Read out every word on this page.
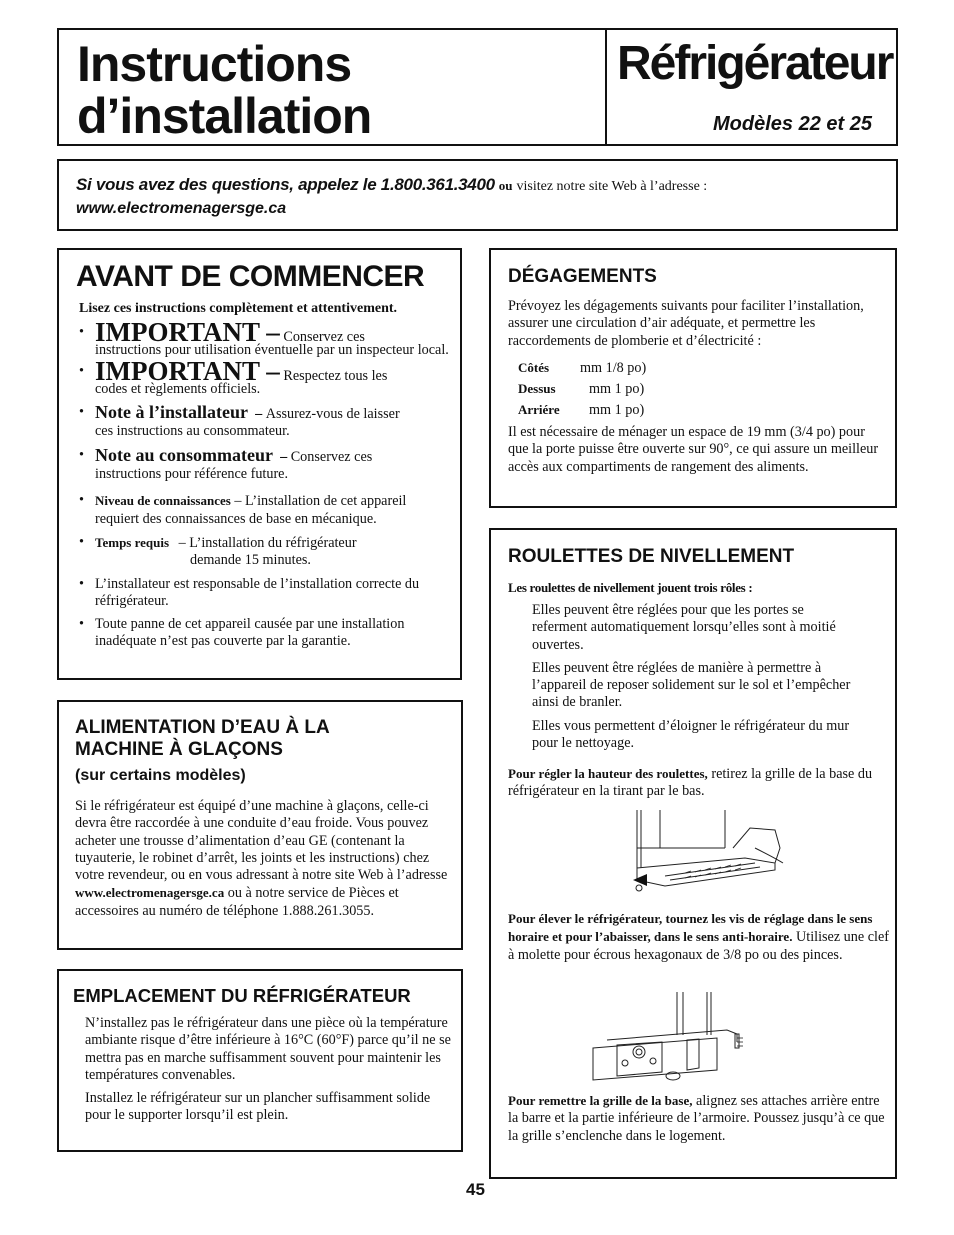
Instructions
d’installation
Réfrigérateur
Modèles 22 et 25
Si vous avez des questions, appelez le 1.800.361.3400 ou visitez notre site Web à l’adresse :
www.electromenagersge.ca
AVANT DE COMMENCER
Lisez ces instructions complètement et attentivement.
• IMPORTANT – Conservez ces
instructions pour utilisation éventuelle par un inspecteur local.
• IMPORTANT – Respectez tous les
codes et règlements officiels.
• Note à l’installateur  – Assurez-vous de laisser
ces instructions au consommateur.
• Note au consommateur  – Conservez ces
instructions pour référence future.
• Niveau de connaissances – L’installation de cet appareil
requiert des connaissances de base en mécanique.
• Temps requis – L’installation du réfrigérateur
demande 15 minutes.
• L’installateur est responsable de l’installation correcte du réfrigérateur.
• Toute panne de cet appareil causée par une installation inadéquate n’est pas couverte par la garantie.
ALIMENTATION D’EAU À LA MACHINE À GLAÇONS
(sur certains modèles)
Si le réfrigérateur est équipé d’une machine à glaçons, celle-ci devra être raccordée à une conduite d’eau froide. Vous pouvez acheter une trousse d’alimentation d’eau GE (contenant la tuyauterie, le robinet d’arrêt, les joints et les instructions) chez votre revendeur, ou en vous adressant à notre site Web à l’adresse www.electromenagersge.ca ou à notre service de Pièces et accessoires au numéro de téléphone 1.888.261.3055.
EMPLACEMENT DU RÉFRIGÉRATEUR

N’installez pas le réfrigérateur dans une pièce où la température ambiante risque d’être inférieure à 16°C (60°F) parce qu’il ne se mettra pas en marche suffisamment souvent pour maintenir les températures convenables.

Installez le réfrigérateur sur un plancher suffisamment solide pour le supporter lorsqu’il est plein.

DÉGAGEMENTS
Prévoyez les dégagements suivants pour faciliter l’installation, assurer une circulation d’air adéquate, et permettre les raccordements de plomberie et d’électricité :
Côtés mm 1/8 po)
Dessus mm 1 po)
Arriére mm 1 po)
Il est nécessaire de ménager un espace de 19 mm (3/4 po) pour que la porte puisse être ouverte sur 90°, ce qui assure un meilleur accès aux compartiments de rangement des aliments.
ROULETTES DE NIVELLEMENT
Les roulettes de nivellement jouent trois rôles :

Elles peuvent être réglées pour que les portes se referment automatiquement lorsqu’elles sont à moitié ouvertes.

Elles peuvent être réglées de manière à permettre à l’appareil de reposer solidement sur le sol et l’empêcher ainsi de branler.

Elles vous permettent d’éloigner le réfrigérateur du mur pour le nettoyage.

Pour régler la hauteur des roulettes, retirez la grille de la base du réfrigérateur en la tirant par le bas.
Pour élever le réfrigérateur, tournez les vis de réglage dans le sens horaire et pour l’abaisser, dans le sens anti-horaire. Utilisez une clef à molette pour écrous hexagonaux de 3/8 po ou des pinces.
Pour remettre la grille de la base, alignez ses attaches arrière entre la barre et la partie inférieure de l’armoire. Poussez jusqu’à ce que la grille s’enclenche dans le logement.
45
